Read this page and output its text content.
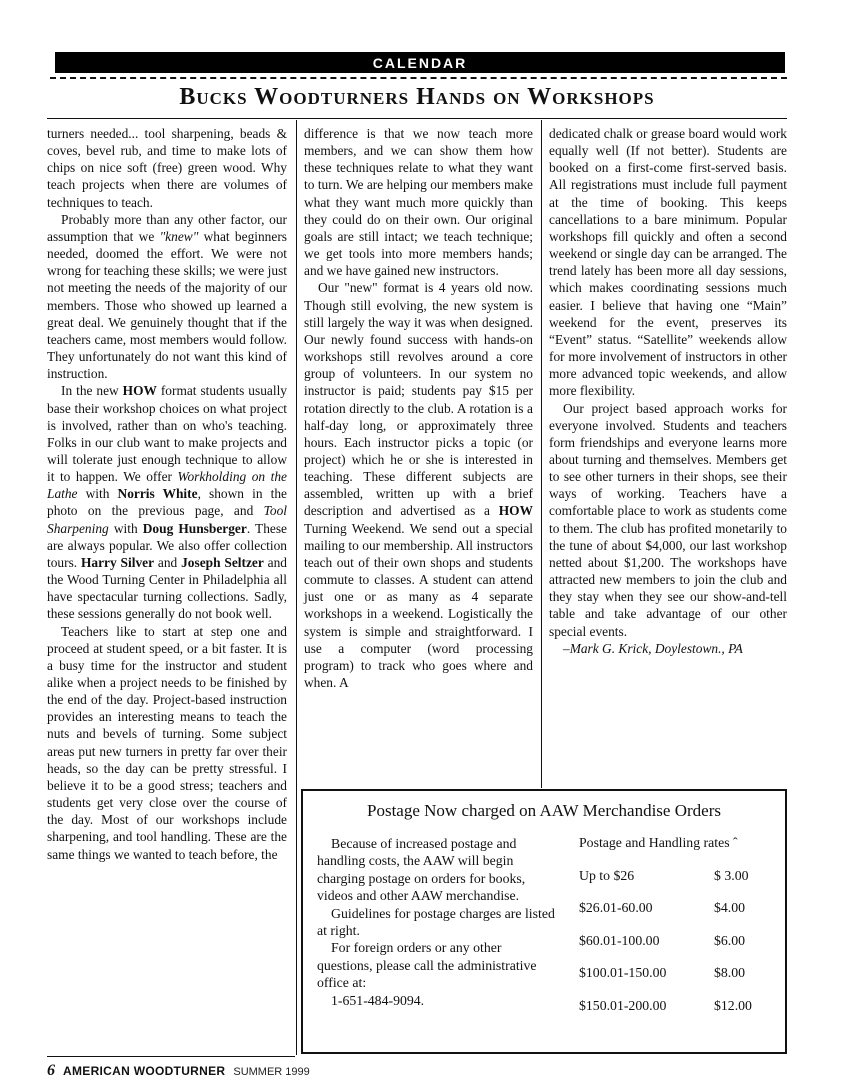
CALENDAR
Bucks Woodturners Hands on Workshops

turners needed... tool sharpening, beads & coves, bevel rub, and time to make lots of chips on nice soft (free) green wood. Why teach projects when there are volumes of techniques to teach.

Probably more than any other factor, our assumption that we "knew" what beginners needed, doomed the effort. We were not wrong for teaching these skills; we were just not meeting the needs of the majority of our members. Those who showed up learned a great deal. We genuinely thought that if the teachers came, most members would follow. They unfortunately do not want this kind of instruction.

In the new HOW format students usually base their workshop choices on what project is involved, rather than on who's teaching. Folks in our club want to make projects and will tolerate just enough technique to allow it to happen. We offer Workholding on the Lathe with Norris White, shown in the photo on the previous page, and Tool Sharpening with Doug Hunsberger. These are always popular. We also offer collection tours. Harry Silver and Joseph Seltzer and the Wood Turning Center in Philadelphia all have spectacular turning collections. Sadly, these sessions generally do not book well.

Teachers like to start at step one and proceed at student speed, or a bit faster. It is a busy time for the instructor and student alike when a project needs to be finished by the end of the day. Project-based instruction provides an interesting means to teach the nuts and bevels of turning. Some subject areas put new turners in pretty far over their heads, so the day can be pretty stressful. I believe it to be a good stress; teachers and students get very close over the course of the day. Most of our workshops include sharpening, and tool handling. These are the same things we wanted to teach before, the

difference is that we now teach more members, and we can show them how these techniques relate to what they want to turn. We are helping our members make what they want much more quickly than they could do on their own. Our original goals are still intact; we teach technique; we get tools into more members hands; and we have gained new instructors.

Our "new" format is 4 years old now. Though still evolving, the new system is still largely the way it was when designed. Our newly found success with hands-on workshops still revolves around a core group of volunteers. In our system no instructor is paid; students pay $15 per rotation directly to the club. A rotation is a half-day long, or approximately three hours. Each instructor picks a topic (or project) which he or she is interested in teaching. These different subjects are assembled, written up with a brief description and advertised as a HOW Turning Weekend. We send out a special mailing to our membership. All instructors teach out of their own shops and students commute to classes. A student can attend just one or as many as 4 separate workshops in a weekend. Logistically the system is simple and straightforward. I use a computer (word processing program) to track who goes where and when. A

dedicated chalk or grease board would work equally well (If not better). Students are booked on a first-come first-served basis. All registrations must include full payment at the time of booking. This keeps cancellations to a bare minimum. Popular workshops fill quickly and often a second weekend or single day can be arranged. The trend lately has been more all day sessions, which makes coordinating sessions much easier. I believe that having one “Main” weekend for the event, preserves its “Event” status. “Satellite” weekends allow for more involvement of instructors in other more advanced topic weekends, and allow more flexibility.

Our project based approach works for everyone involved. Students and teachers form friendships and everyone learns more about turning and themselves. Members get to see other turners in their shops, see their ways of working. Teachers have a comfortable place to work as students come to them. The club has profited monetarily to the tune of about $4,000, our last workshop netted about $1,200. The workshops have attracted new members to join the club and they stay when they see our show-and-tell table and take advantage of our other special events.

–Mark G. Krick, Doylestown., PA

Postage Now charged on AAW Merchandise Orders

Because of increased postage and handling costs, the AAW will begin charging postage on orders for books, videos and other AAW merchandise.

Guidelines for postage charges are listed at right.

For foreign orders or any other questions, please call the administrative office at:

1-651-484-9094.

Postage and Handling rates ˆ
Up to $26	$ 3.00
$26.01-60.00	$4.00
$60.01-100.00	$6.00
$100.01-150.00	$8.00
$150.01-200.00	$12.00
6 AMERICAN WOODTURNER SUMMER 1999
